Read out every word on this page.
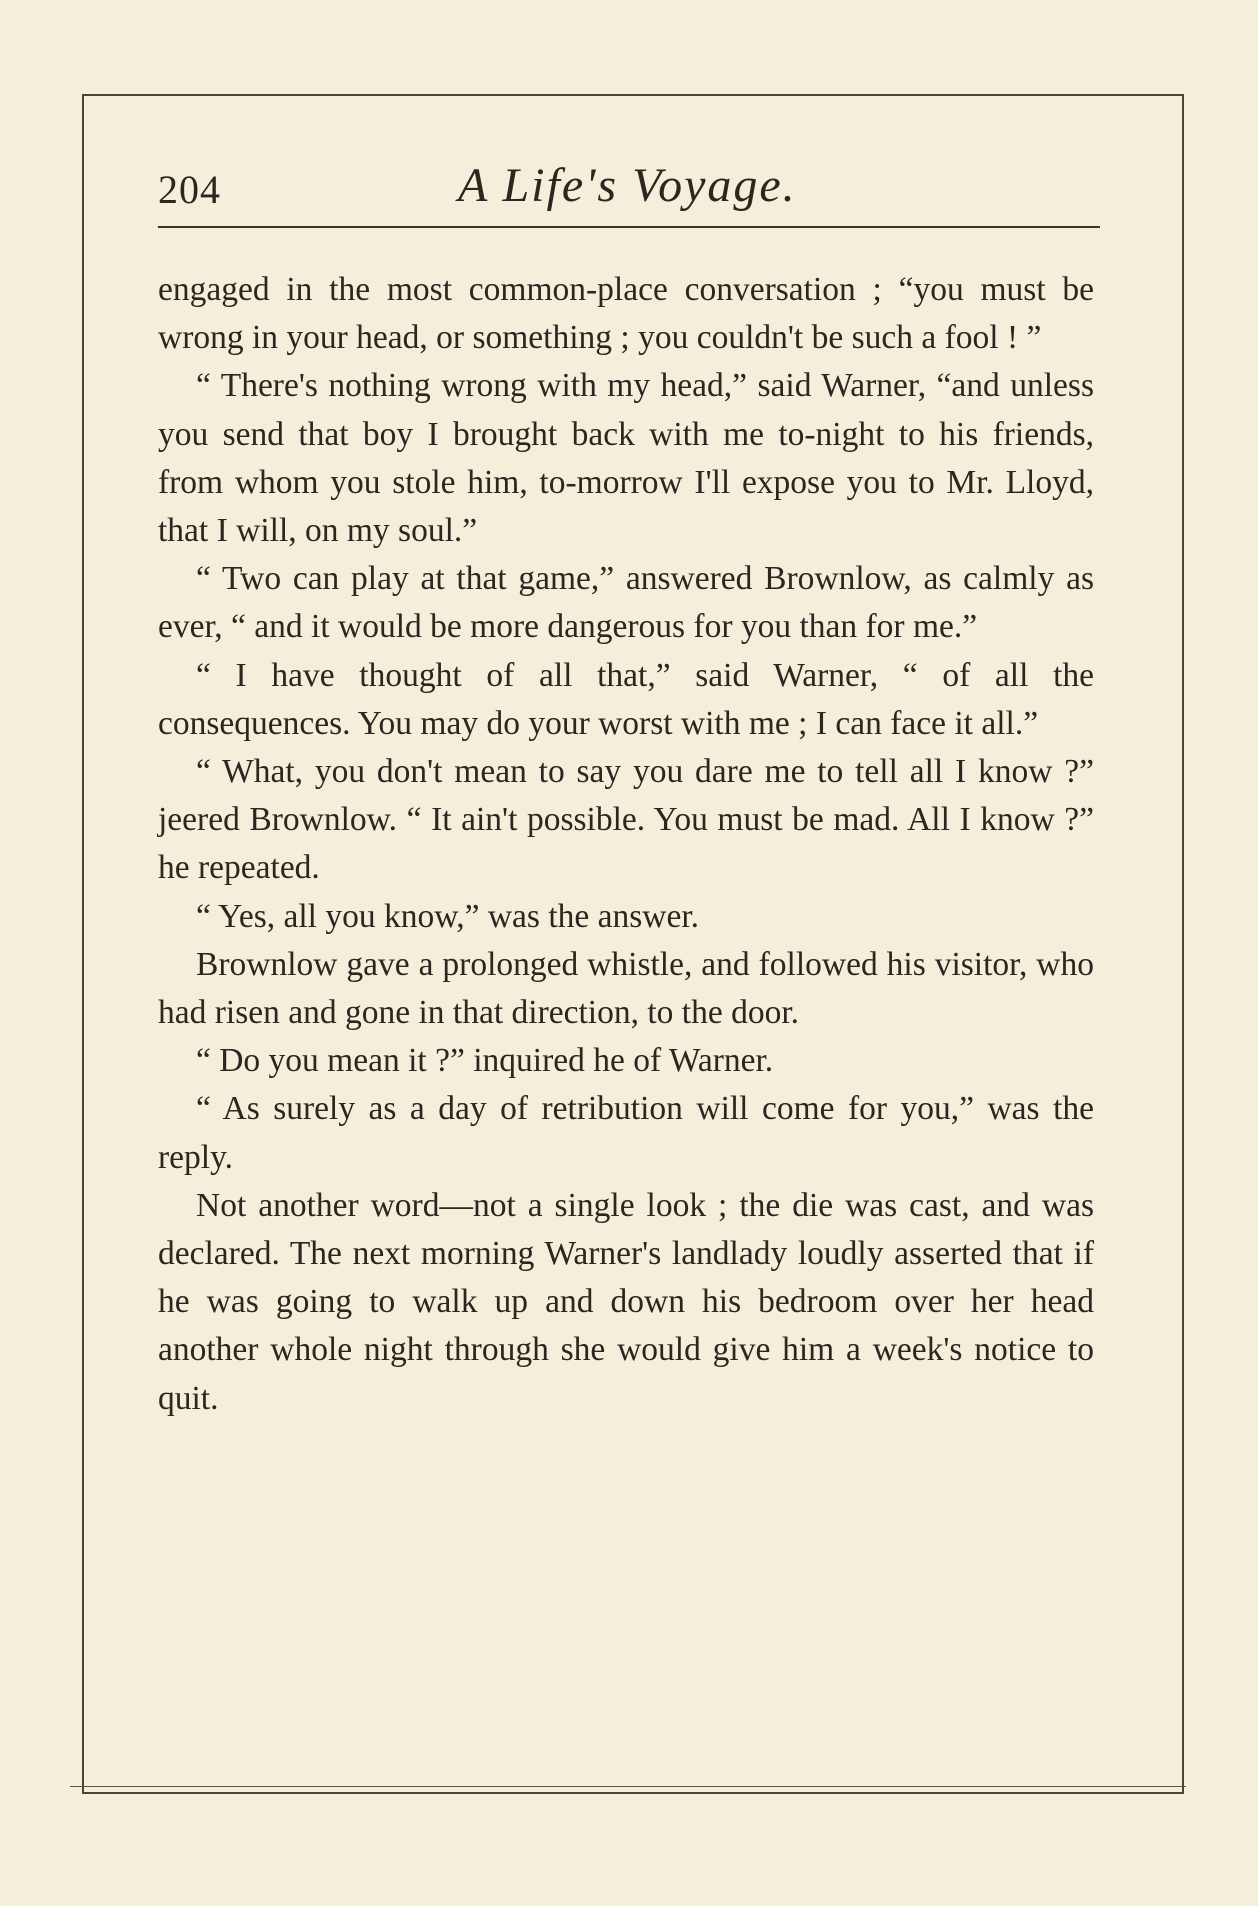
204	A Life's Voyage.

engaged in the most common-place conversation ; “you must be wrong in your head, or something ; you couldn't be such a fool ! ”

“ There's nothing wrong with my head,” said Warner, “and unless you send that boy I brought back with me to-night to his friends, from whom you stole him, to-morrow I'll expose you to Mr. Lloyd, that I will, on my soul.”

“ Two can play at that game,” answered Brownlow, as calmly as ever, “ and it would be more dangerous for you than for me.”

“ I have thought of all that,” said Warner, “ of all the consequences. You may do your worst with me ; I can face it all.”

“ What, you don't mean to say you dare me to tell all I know ?” jeered Brownlow. “ It ain't possible. You must be mad. All I know ?” he repeated.

“ Yes, all you know,” was the answer.

Brownlow gave a prolonged whistle, and followed his visitor, who had risen and gone in that direction, to the door.

“ Do you mean it ?” inquired he of Warner.

“ As surely as a day of retribution will come for you,” was the reply.

Not another word—not a single look ; the die was cast, and was declared. The next morning Warner's landlady loudly asserted that if he was going to walk up and down his bedroom over her head another whole night through she would give him a week's notice to quit.
